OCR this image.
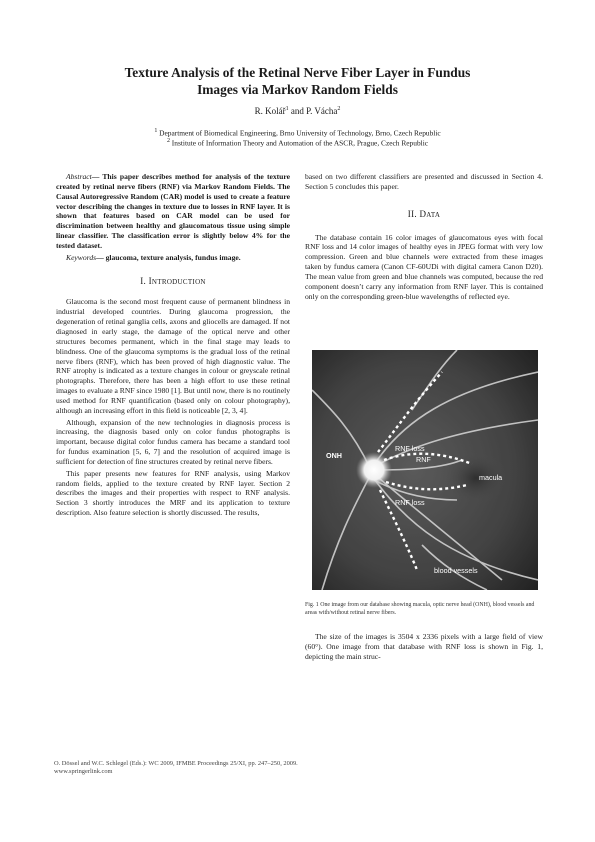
Texture Analysis of the Retinal Nerve Fiber Layer in Fundus
Images via Markov Random Fields
R. Kolář$^1$ and P. Vácha$^2$
$^1$ Department of Biomedical Engineering, Brno University of Technology, Brno, Czech Republic
$^2$ Institute of Information Theory and Automation of the ASCR, Prague, Czech Republic

Abstract— This paper describes method for analysis of the texture created by retinal nerve fibers (RNF) via Markov Random Fields. The Causal Autoregressive Random (CAR) model is used to create a feature vector describing the changes in texture due to losses in RNF layer. It is shown that features based on CAR model can be used for discrimination between healthy and glaucomatous tissue using simple linear classifier. The classification error is slightly below 4% for the tested dataset.

Keywords— glaucoma, texture analysis, fundus image.

I. INTRODUCTION

Glaucoma is the second most frequent cause of permanent blindness in industrial developed countries. During glaucoma progression, the degeneration of retinal ganglia cells, axons and gliocells are damaged. If not diagnosed in early stage, the damage of the optical nerve and other structures becomes permanent, which in the final stage may leads to blindness. One of the glaucoma symptoms is the gradual loss of the retinal nerve fibers (RNF), which has been proved of high diagnostic value. The RNF atrophy is indicated as a texture changes in colour or greyscale retinal photographs. Therefore, there has been a high effort to use these retinal images to evaluate a RNF since 1980 [1]. But until now, there is no routinely used method for RNF quantification (based only on colour photography), although an increasing effort in this field is noticeable [2, 3, 4].

Although, expansion of the new technologies in diagnosis process is increasing, the diagnosis based only on color fundus photographs is important, because digital color fundus camera has became a standard tool for fundus examination [5, 6, 7] and the resolution of acquired image is sufficient for detection of fine structures created by retinal nerve fibers.

This paper presents new features for RNF analysis, using Markov random fields, applied to the texture created by RNF layer. Section 2 describes the images and their properties with respect to RNF analysis. Section 3 shortly introduces the MRF and its application to texture description. Also feature selection is shortly discussed. The results,

based on two different classifiers are presented and discussed in Section 4. Section 5 concludes this paper.

II. DATA

The database contain 16 color images of glaucomatous eyes with focal RNF loss and 14 color images of healthy eyes in JPEG format with very low compression. Green and blue channels were extracted from these images taken by fundus camera (Canon CF-60UDi with digital camera Canon D20). The mean value from green and blue channels was computed, because the red component doesn’t carry any information from RNF layer. This is contained only on the corresponding green-blue wavelengths of reflected eye.

ONH
RNF loss
RNF
macula
RNF loss
blood vessels
Fig. 1 One image from our database showing macula, optic nerve head (ONH), blood vessels and areas with/without retinal nerve fibers.

The size of the images is 3504 x 2336 pixels with a large field of view (60°). One image from that database with RNF loss is shown in Fig. 1, depicting the main struc-

O. Dössel and W.C. Schlegel (Eds.): WC 2009, IFMBE Proceedings 25/XI, pp. 247–250, 2009.
www.springerlink.com
